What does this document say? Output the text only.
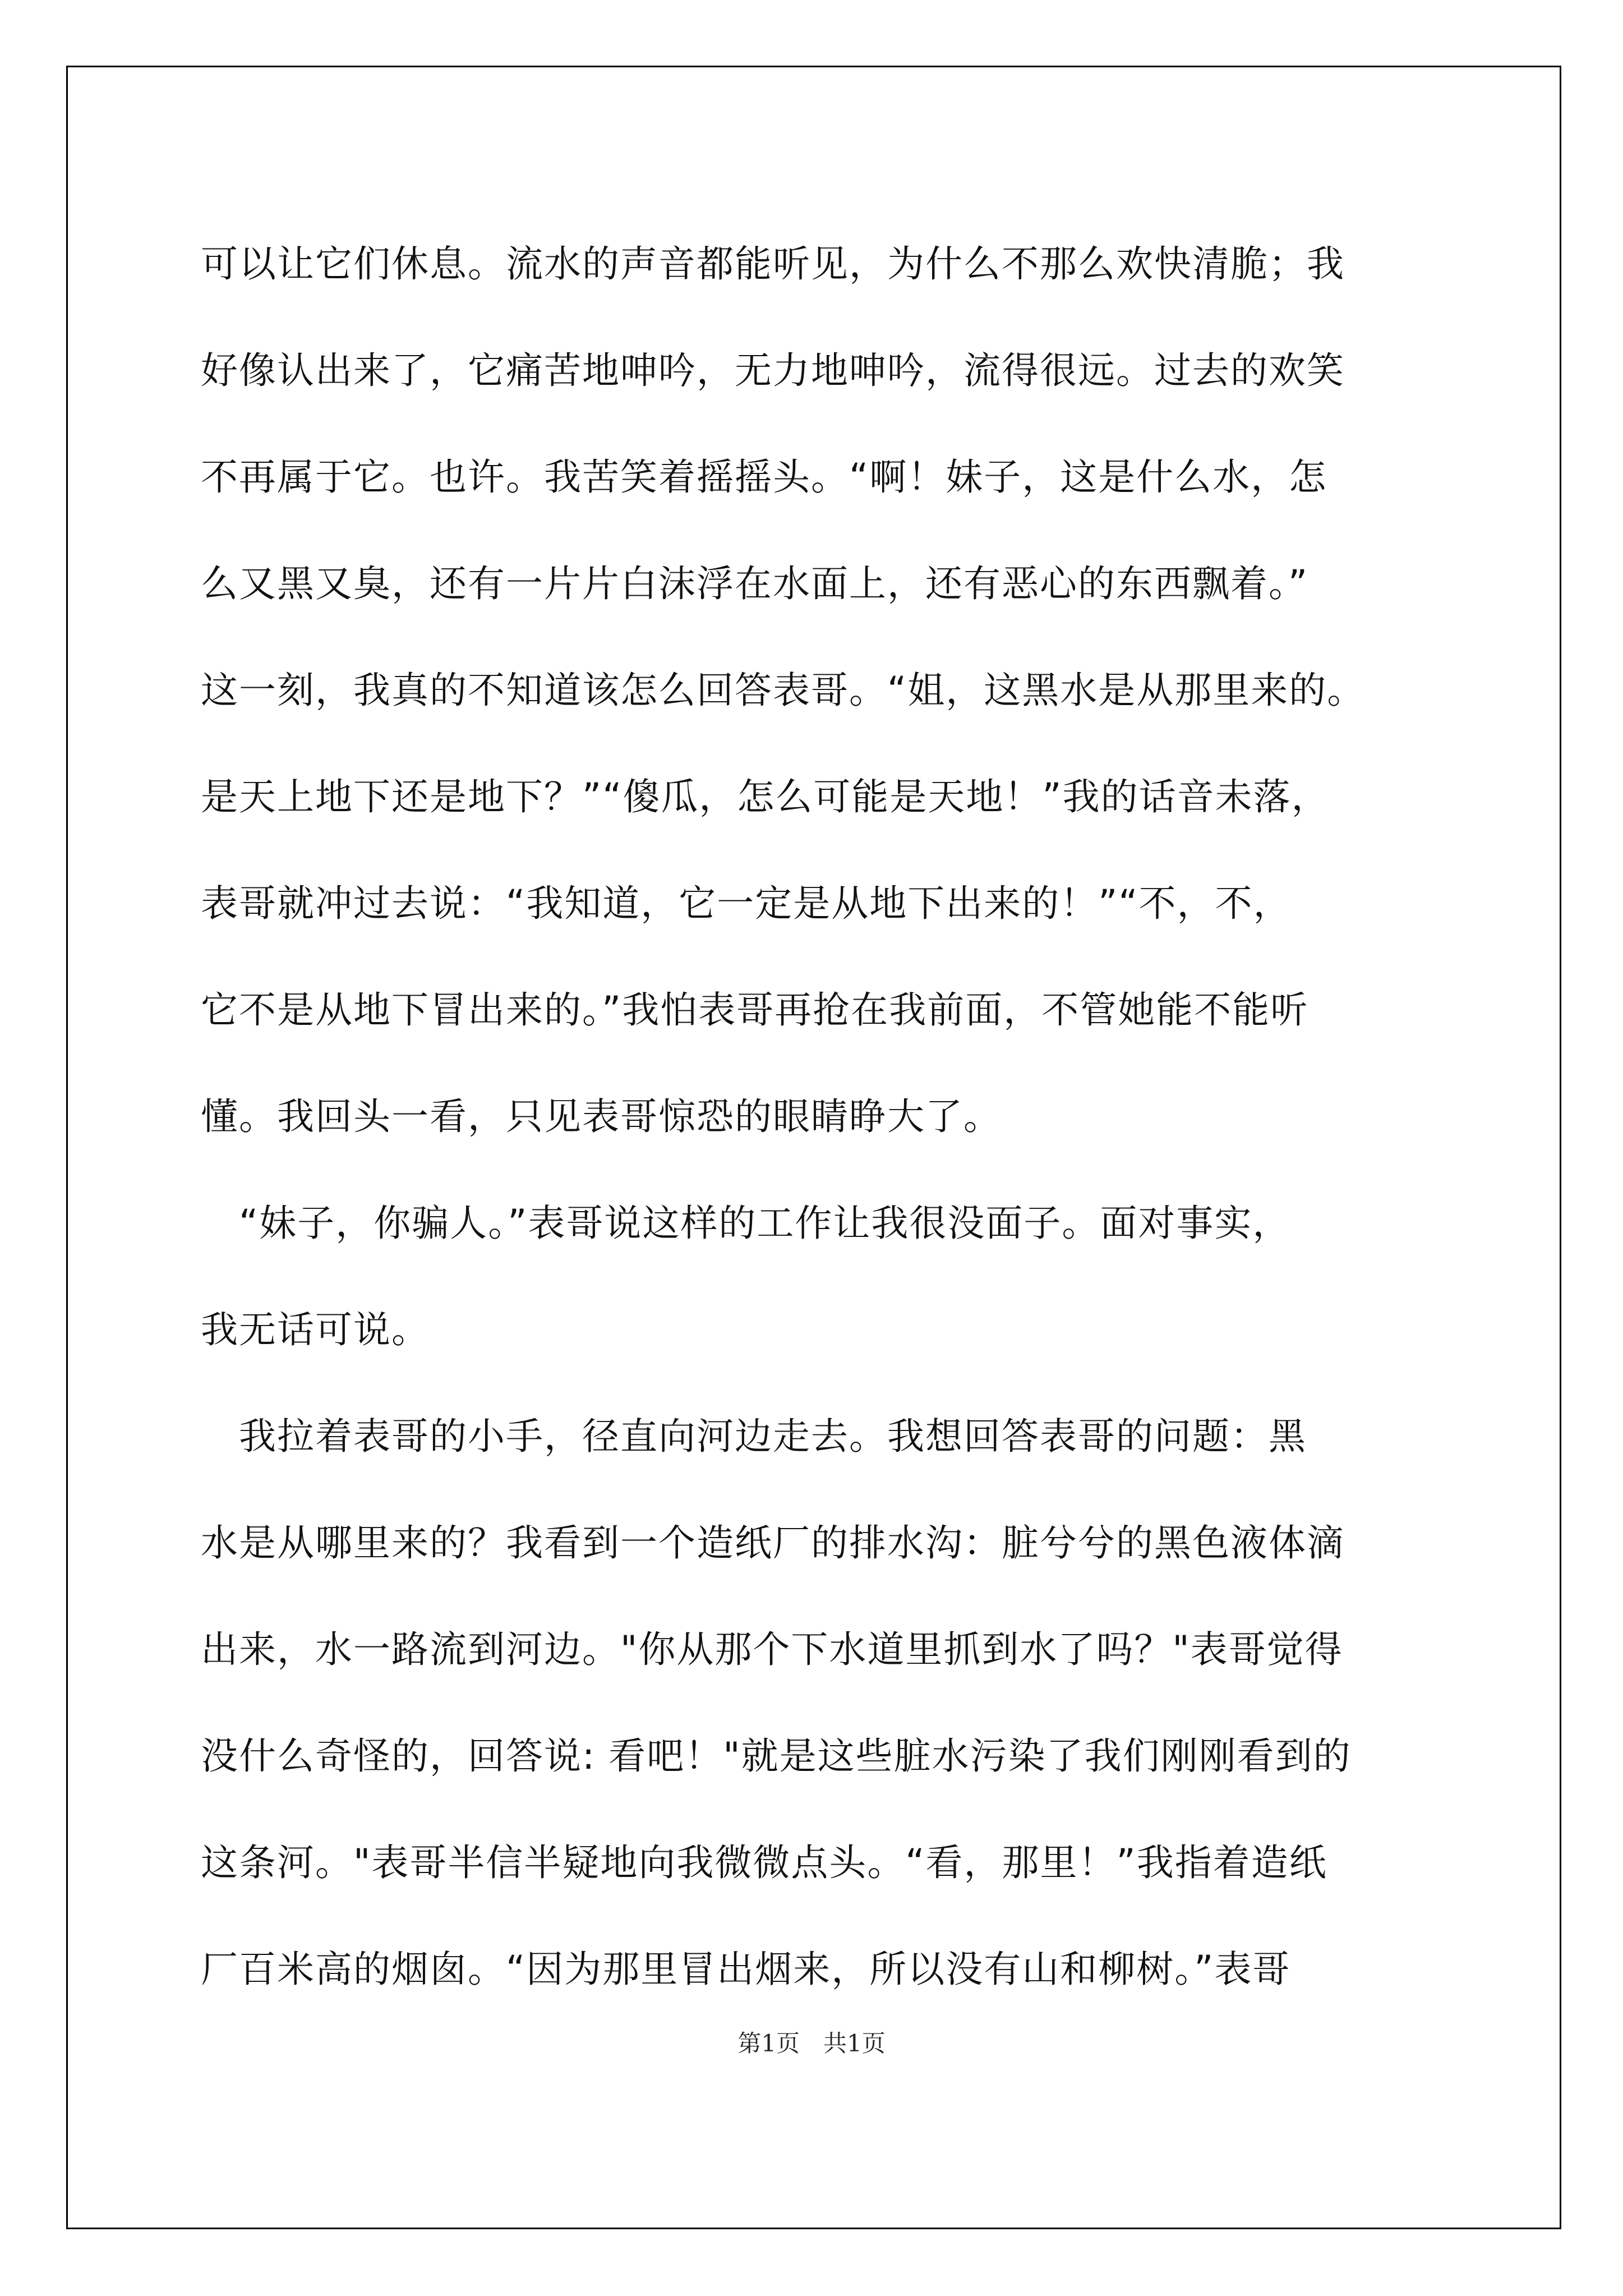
可以让它们休息。流水的声音都能听见，为什么不那么欢快清脆；我
好像认出来了，它痛苦地呻吟，无力地呻吟，流得很远。过去的欢笑
不再属于它。也许。我苦笑着摇摇头。“啊！妹子，这是什么水，怎
么又黑又臭，还有一片片白沫浮在水面上，还有恶心的东西飘着。”
这一刻，我真的不知道该怎么回答表哥。“姐，这黑水是从那里来的。
是天上地下还是地下？”“傻瓜，怎么可能是天地！”我的话音未落，
表哥就冲过去说：“我知道，它一定是从地下出来的！”“不，不，
它不是从地下冒出来的。”我怕表哥再抢在我前面，不管她能不能听
懂。我回头一看，只见表哥惊恐的眼睛睁大了。
　“妹子，你骗人。”表哥说这样的工作让我很没面子。面对事实，
我无话可说。
　我拉着表哥的小手，径直向河边走去。我想回答表哥的问题：黑
水是从哪里来的？我看到一个造纸厂的排水沟：脏兮兮的黑色液体滴
出来，水一路流到河边。"你从那个下水道里抓到水了吗？"表哥觉得
没什么奇怪的，回答说: 看吧！"就是这些脏水污染了我们刚刚看到的
这条河。"表哥半信半疑地向我微微点头。“看，那里！”我指着造纸
厂百米高的烟囱。“因为那里冒出烟来，所以没有山和柳树。”表哥
第1页　共1页
